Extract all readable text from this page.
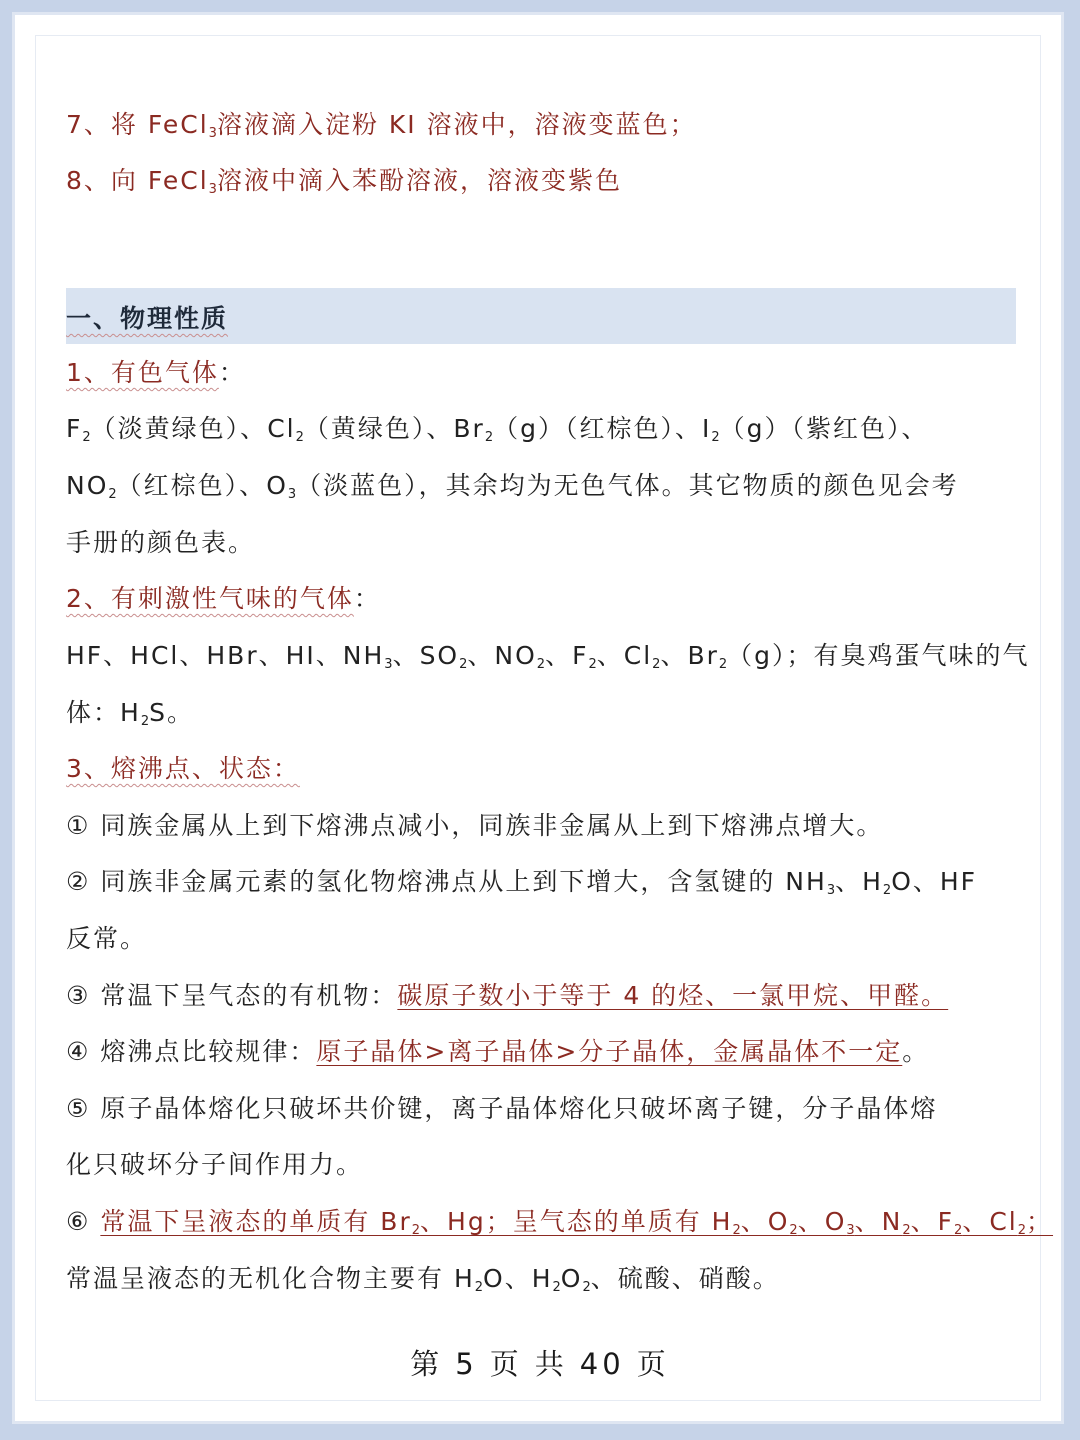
7、将 FeCl$_3$溶液滴入淀粉 KI 溶液中，溶液变蓝色；
8、向 FeCl$_3$溶液中滴入苯酚溶液，溶液变紫色
一、物理性质
1、有色气体：
$F_2$（淡黄绿色）、$Cl_2$（黄绿色）、$Br_2(g)$（红棕色）、$I_2(g)$（紫红色）、
$NO_2$（红棕色）、$O_3$（淡蓝色），其余均为无色气体。其它物质的颜色见会考
手册的颜色表。
2、有刺激性气味的气体：
HF、HCl、HBr、HI、$NH_3$、$SO_2$、$NO_2$、$F_2$、$Cl_2$、$Br_2(g)$；有臭鸡蛋气味的气
体：$H_2S$。
3、熔沸点、状态：
① 同族金属从上到下熔沸点减小，同族非金属从上到下熔沸点增大。
② 同族非金属元素的氢化物熔沸点从上到下增大，含氢键的 $NH_3$、$H_2O$、HF
反常。
③ 常温下呈气态的有机物：碳原子数小于等于 4 的烃、一氯甲烷、甲醛。
④ 熔沸点比较规律：原子晶体>离子晶体>分子晶体，金属晶体不一定。
⑤ 原子晶体熔化只破坏共价键，离子晶体熔化只破坏离子键，分子晶体熔
化只破坏分子间作用力。
⑥ 常温下呈液态的单质有 $Br_2$、Hg；呈气态的单质有 $H_2$、$O_2$、$O_3$、$N_2$、$F_2$、$Cl_2$；
常温呈液态的无机化合物主要有 $H_2O$、$H_2O_2$、硫酸、硝酸。
第 5 页 共 40 页
